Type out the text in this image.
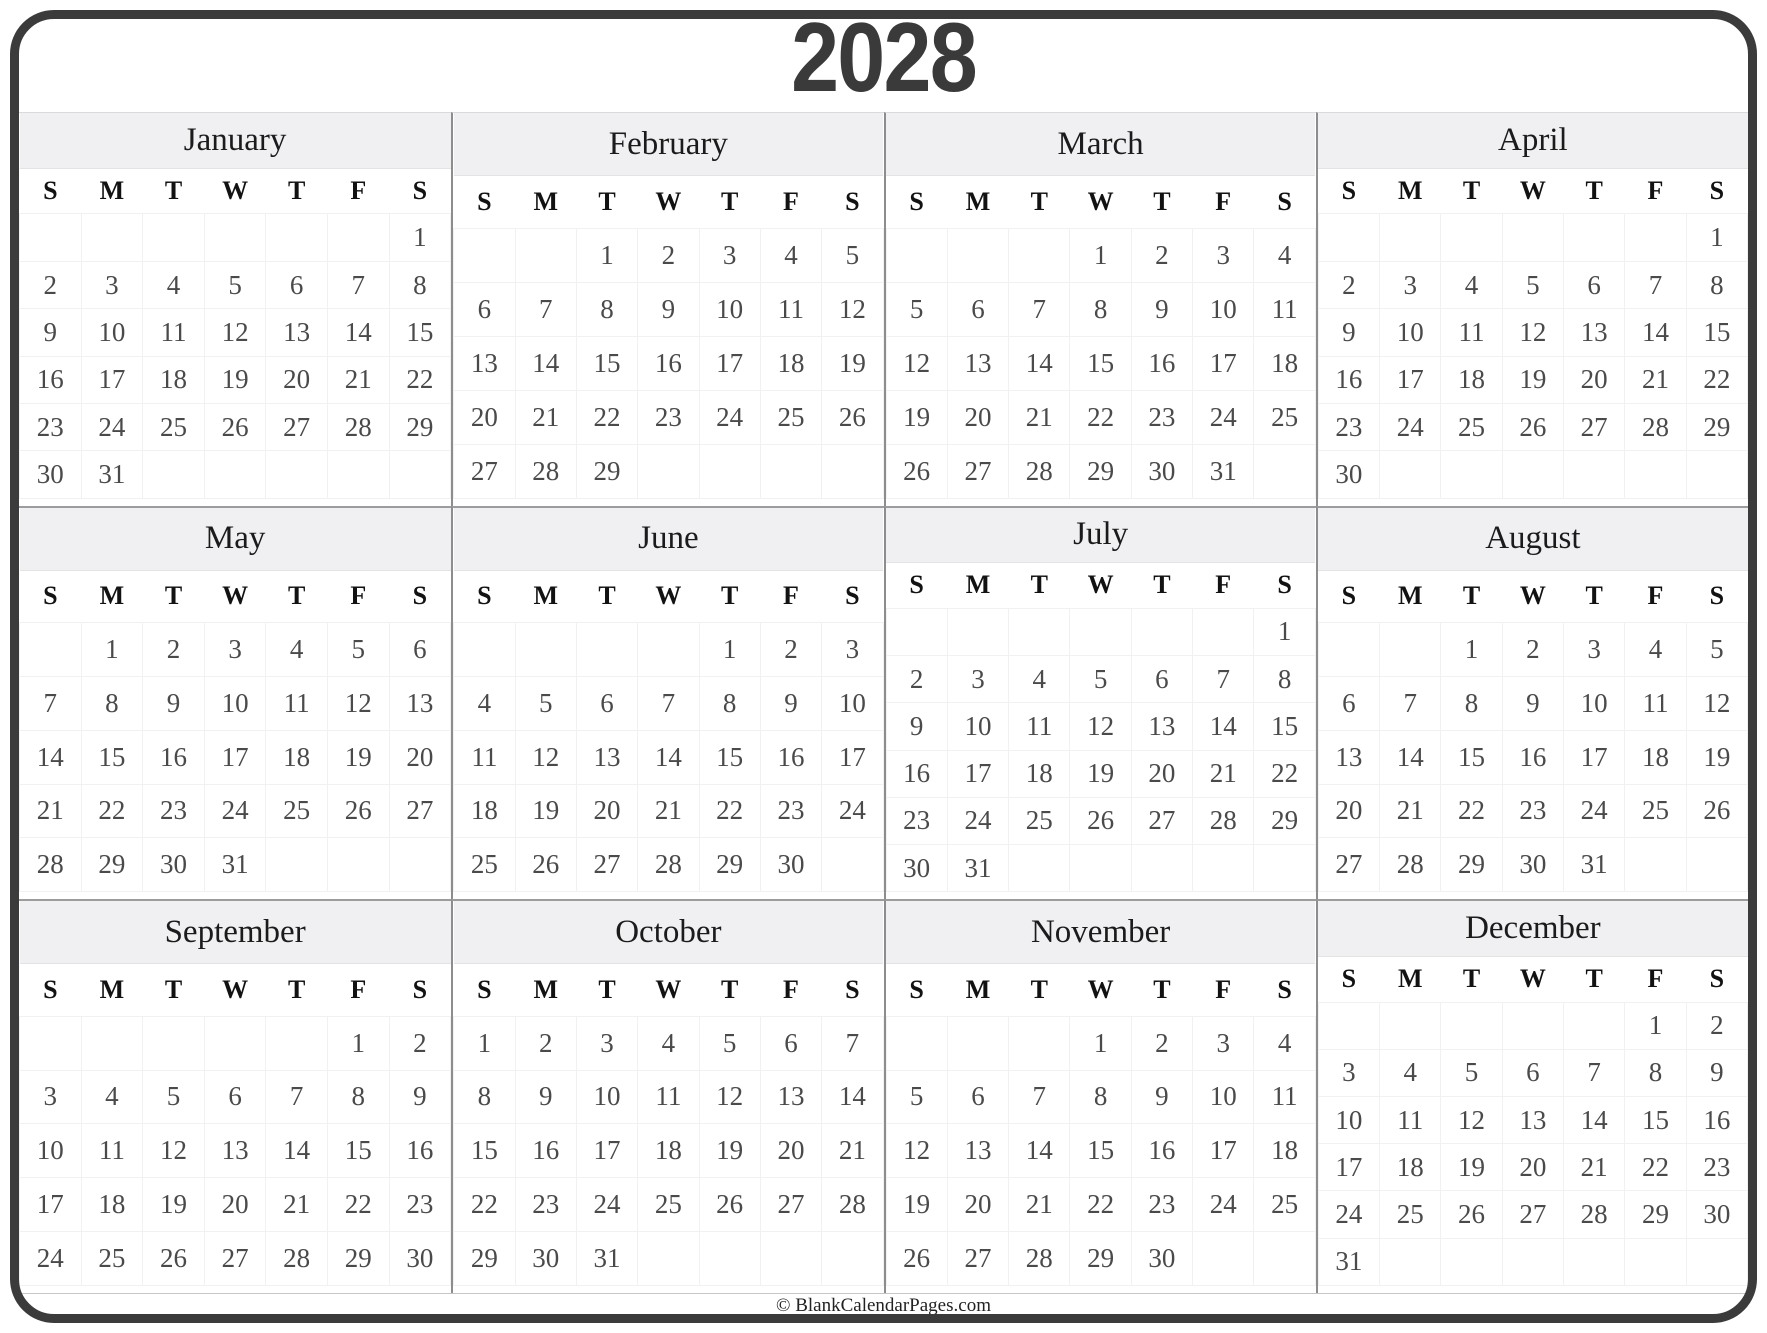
2028
January						
S	M	T	W	T	F	S
						1
2	3	4	5	6	7	8
9	10	11	12	13	14	15
16	17	18	19	20	21	22
23	24	25	26	27	28	29
30	31					
February						
S	M	T	W	T	F	S
		1	2	3	4	5
6	7	8	9	10	11	12
13	14	15	16	17	18	19
20	21	22	23	24	25	26
27	28	29				
March						
S	M	T	W	T	F	S
			1	2	3	4
5	6	7	8	9	10	11
12	13	14	15	16	17	18
19	20	21	22	23	24	25
26	27	28	29	30	31	
April						
S	M	T	W	T	F	S
						1
2	3	4	5	6	7	8
9	10	11	12	13	14	15
16	17	18	19	20	21	22
23	24	25	26	27	28	29
30						
May						
S	M	T	W	T	F	S
	1	2	3	4	5	6
7	8	9	10	11	12	13
14	15	16	17	18	19	20
21	22	23	24	25	26	27
28	29	30	31			
June						
S	M	T	W	T	F	S
				1	2	3
4	5	6	7	8	9	10
11	12	13	14	15	16	17
18	19	20	21	22	23	24
25	26	27	28	29	30	
July						
S	M	T	W	T	F	S
						1
2	3	4	5	6	7	8
9	10	11	12	13	14	15
16	17	18	19	20	21	22
23	24	25	26	27	28	29
30	31					
August						
S	M	T	W	T	F	S
		1	2	3	4	5
6	7	8	9	10	11	12
13	14	15	16	17	18	19
20	21	22	23	24	25	26
27	28	29	30	31		
September						
S	M	T	W	T	F	S
					1	2
3	4	5	6	7	8	9
10	11	12	13	14	15	16
17	18	19	20	21	22	23
24	25	26	27	28	29	30
October						
S	M	T	W	T	F	S
1	2	3	4	5	6	7
8	9	10	11	12	13	14
15	16	17	18	19	20	21
22	23	24	25	26	27	28
29	30	31				
November						
S	M	T	W	T	F	S
			1	2	3	4
5	6	7	8	9	10	11
12	13	14	15	16	17	18
19	20	21	22	23	24	25
26	27	28	29	30		
December						
S	M	T	W	T	F	S
					1	2
3	4	5	6	7	8	9
10	11	12	13	14	15	16
17	18	19	20	21	22	23
24	25	26	27	28	29	30
31						
© BlankCalendarPages.com
